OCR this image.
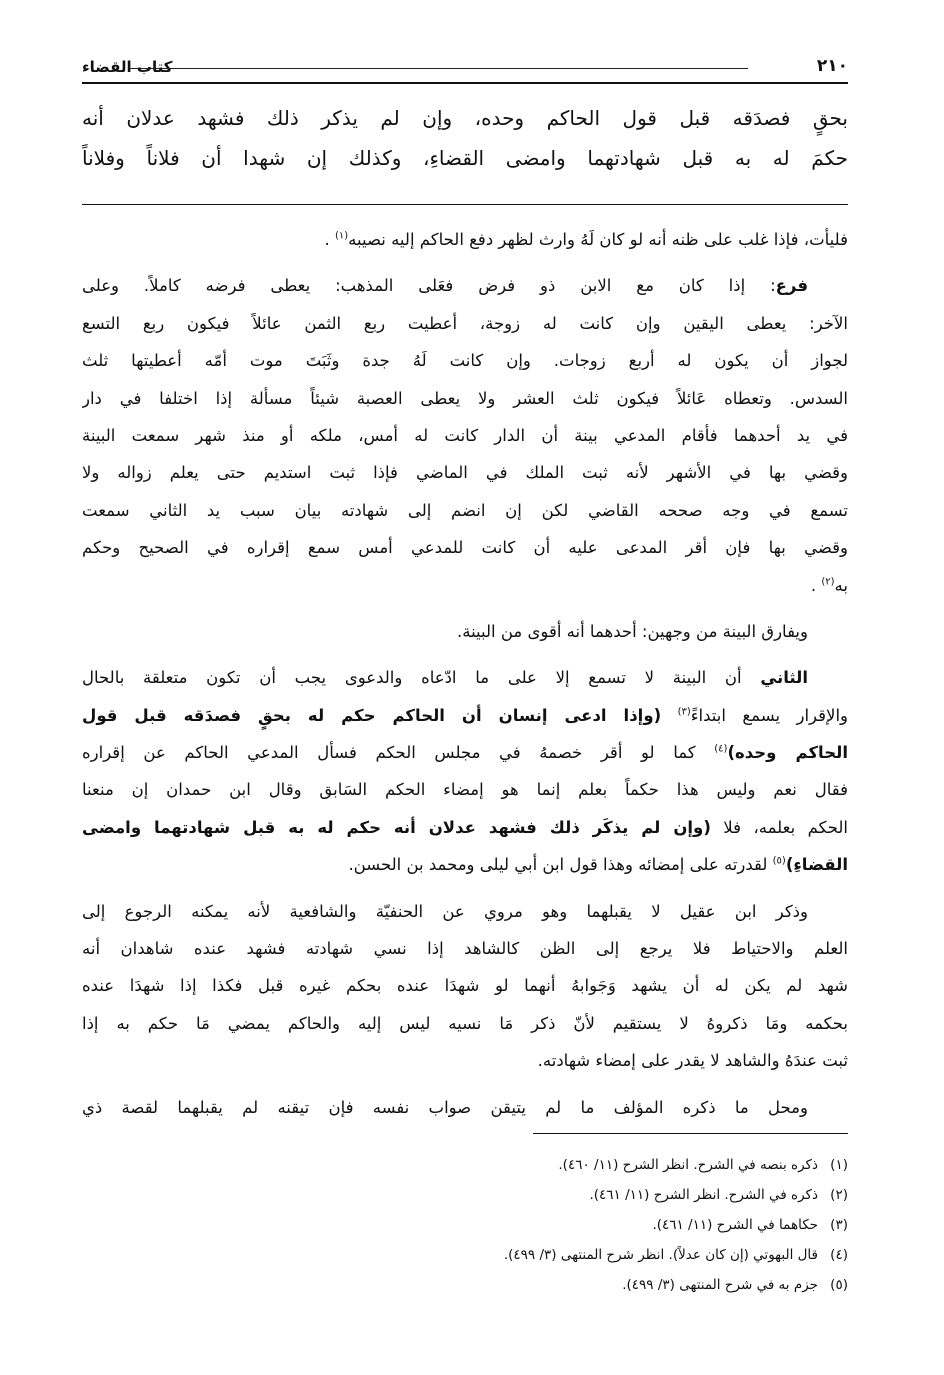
٢١٠
كتاب القضاء
بحقٍ فصدَقه قبل قول الحاكم وحده، وإن لم يذكر ذلك فشهد عدلان أنه
حكمَ له به قبل شهادتهما وامضى القضاءِ، وكذلك إن شهدا أن فلاناً وفلاناً
فليأت، فإذا غلب على ظنه أنه لو كان لَهُ وارث لظهر دفع الحاكم إليه نصيبه$^{(١)}$ .
فرع: إذا كان مع الابن ذو فرض فعَلى المذهب: يعطى فرضه كاملاً. وعلى
الآخر: يعطى اليقين وإن كانت له زوجة، أعطيت ربع الثمن عائلاً فيكون ربع التسع
لجواز أن يكون له أربع زوجات. وإن كانت لَهُ جدة وثَبَتَ موت أمّه أعطيتها ثلث
السدس. وتعطاه عَائلاً فيكون ثلث العشر ولا يعطى العصبة شيئاً مسألة إذا اختلفا في دار
في يد أحدهما فأقام المدعي بينة أن الدار كانت له أمس، ملكه أو منذ شهر سمعت البينة
وقضي بها في الأشهر لأنه ثبت الملك في الماضي فإذا ثبت استديم حتى يعلم زواله ولا
تسمع في وجه صححه القاضي لكن إن انضم إلى شهادته بيان سبب يد الثاني سمعت
وقضي بها فإن أقر المدعى عليه أن كانت للمدعي أمس سمع إقراره في الصحيح وحكم
به$^{(٢)}$ .
ويفارق البينة من وجهين: أحدهما أنه أقوى من البينة.
الثاني أن البينة لا تسمع إلا على ما ادّعاه والدعوى يجب أن تكون متعلقة بالحال
والإقرار يسمع ابتداءً$^{(٣)}$ (وإذا ادعى إنسان أن الحاكم حكم له بحقٍ فصدَقه قبل قول
الحاكم وحده)$^{(٤)}$ كما لو أقر خصمهُ في مجلس الحكم فسأل المدعي الحاكم عن إقراره
فقال نعم وليس هذا حكماً بعلم إنما هو إمضاء الحكم السَابق وقال ابن حمدان إن منعنا
الحكم بعلمه، فلا (وإن لم يذكَر ذلك فشهد عدلان أنه حكم له به قبل شهادتهما وامضى
القضاءِ)$^{(٥)}$ لقدرته على إمضائه وهذا قول ابن أبي ليلى ومحمد بن الحسن.
وذكر ابن عقيل لا يقبلهما وهو مروي عن الحنفيّة والشافعية لأنه يمكنه الرجوع إلى
العلم والاحتياط فلا يرجع إلى الظن كالشاهد إذا نسي شهادته فشهد عنده شاهدان أنه
شهد لم يكن له أن يشهد وَجَوابهُ أنهما لو شهدَا عنده بحكم غيره قبل فكذا إذا شهدَا عنده
بحكمه ومَا ذكروهُ لا يستقيم لأنّ ذكر مَا نسيه ليس إليه والحاكم يمضي مَا حكم به إذا
ثبت عندَهُ والشاهد لا يقدر على إمضاء شهادته.
ومحل ما ذكره المؤلف ما لم يتيقن صواب نفسه فإن تيقنه لم يقبلهما لقصة ذي
(١)ذكره بنصه في الشرح. انظر الشرح (١١/ ٤٦٠).
(٢)ذكره في الشرح. انظر الشرح (١١/ ٤٦١).
(٣)حكاهما في الشرح (١١/ ٤٦١).
(٤)قال البهوتي (إن كان عدلاً). انظر شرح المنتهى (٣/ ٤٩٩).
(٥)جزم به في شرح المنتهى (٣/ ٤٩٩).
